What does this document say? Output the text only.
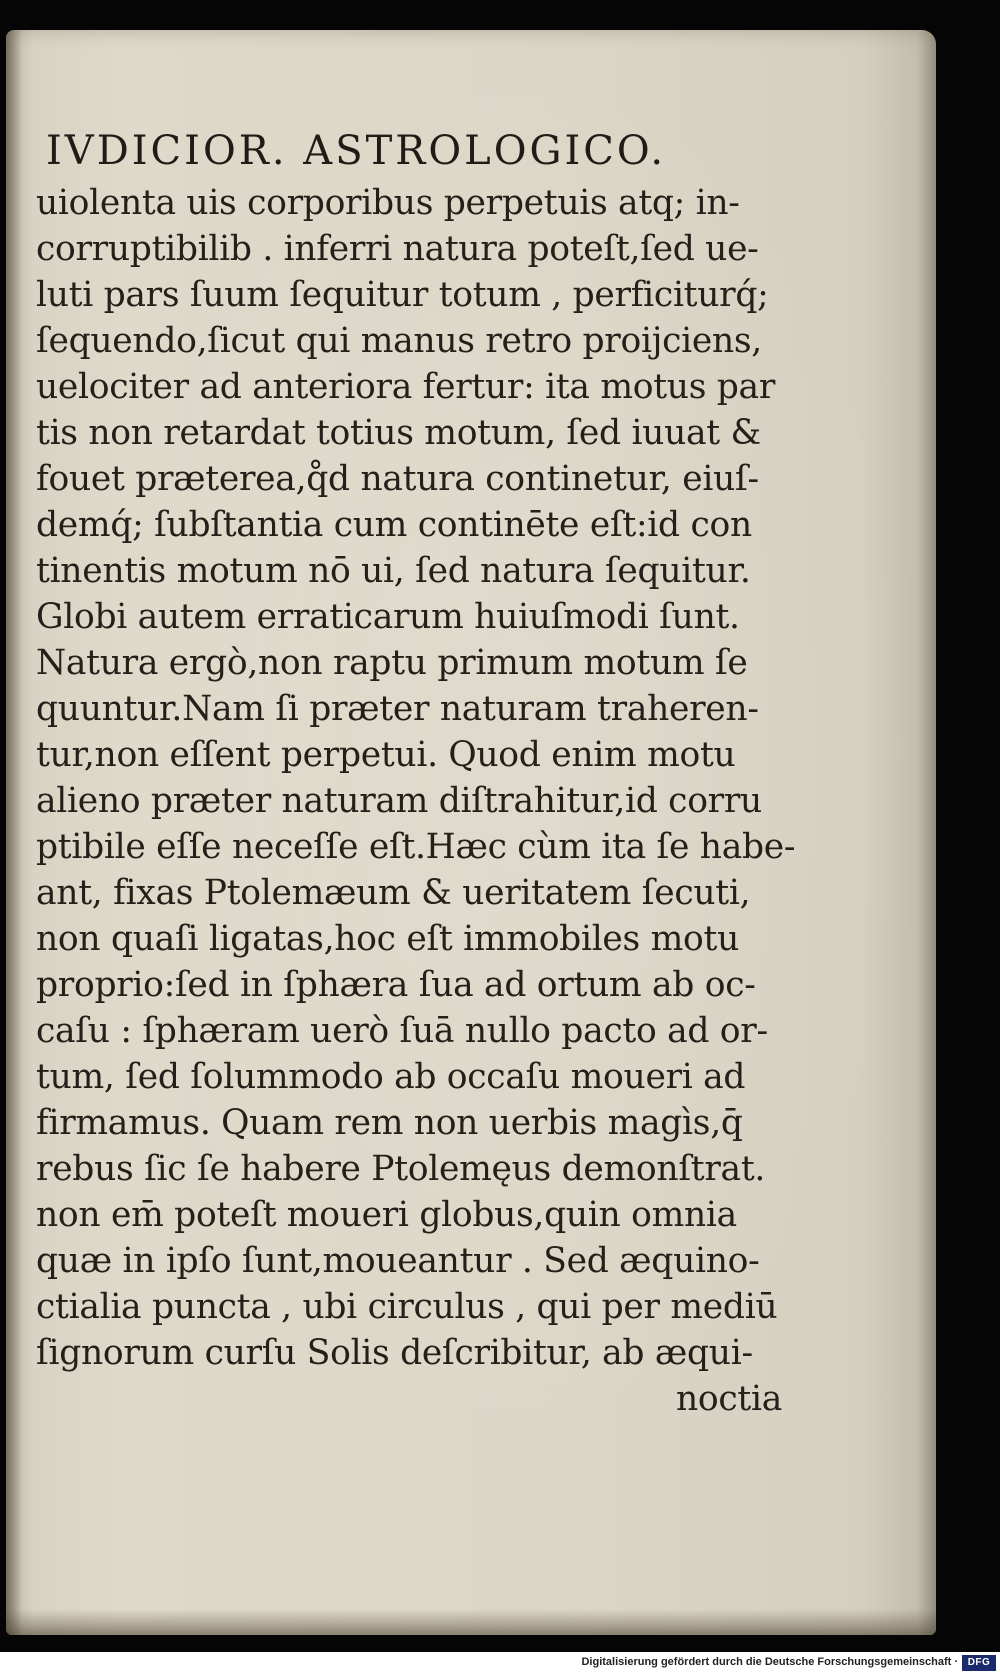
IVDICIOR. ASTROLOGICO.
uiolenta uis corporibus perpetuis atq; in-
corruptibilib . inferri natura poteſt,ſed ue-
luti pars ſuum ſequitur totum , perficiturq́;
ſequendo,ſicut qui manus retro proijciens,
uelociter ad anteriora fertur: ita motus par
tis non retardat totius motum, ſed iuuat &
fouet præterea,q̊d natura continetur, eiuſ-
demq́; ſubſtantia cum continēte eſt:id con
tinentis motum nō ui, ſed natura ſequitur.
Globi autem erraticarum huiuſmodi ſunt.
Natura ergò,non raptu primum motum ſe
quuntur.Nam ſi præter naturam traheren-
tur,non eſſent perpetui. Quod enim motu
alieno præter naturam diſtrahitur,id corru
ptibile eſſe neceſſe eſt.Hæc cùm ita ſe habe-
ant, fixas Ptolemæum & ueritatem ſecuti,
non quaſi ligatas,hoc eſt immobiles motu
proprio:ſed in ſphæra ſua ad ortum ab oc-
caſu : ſphæram uerò ſuā nullo pacto ad or-
tum, ſed ſolummodo ab occaſu moueri ad
firmamus. Quam rem non uerbis magìs,q̄
rebus ſic ſe habere Ptolemęus demonſtrat.
non em̄ poteſt moueri globus,quin omnia
quæ in ipſo ſunt,moueantur . Sed æquino-
ctialia puncta , ubi circulus , qui per mediū
ſignorum curſu Solis deſcribitur, ab æqui-
noctia
Digitalisierung gefördert durch die Deutsche Forschungsgemeinschaft · DFG
